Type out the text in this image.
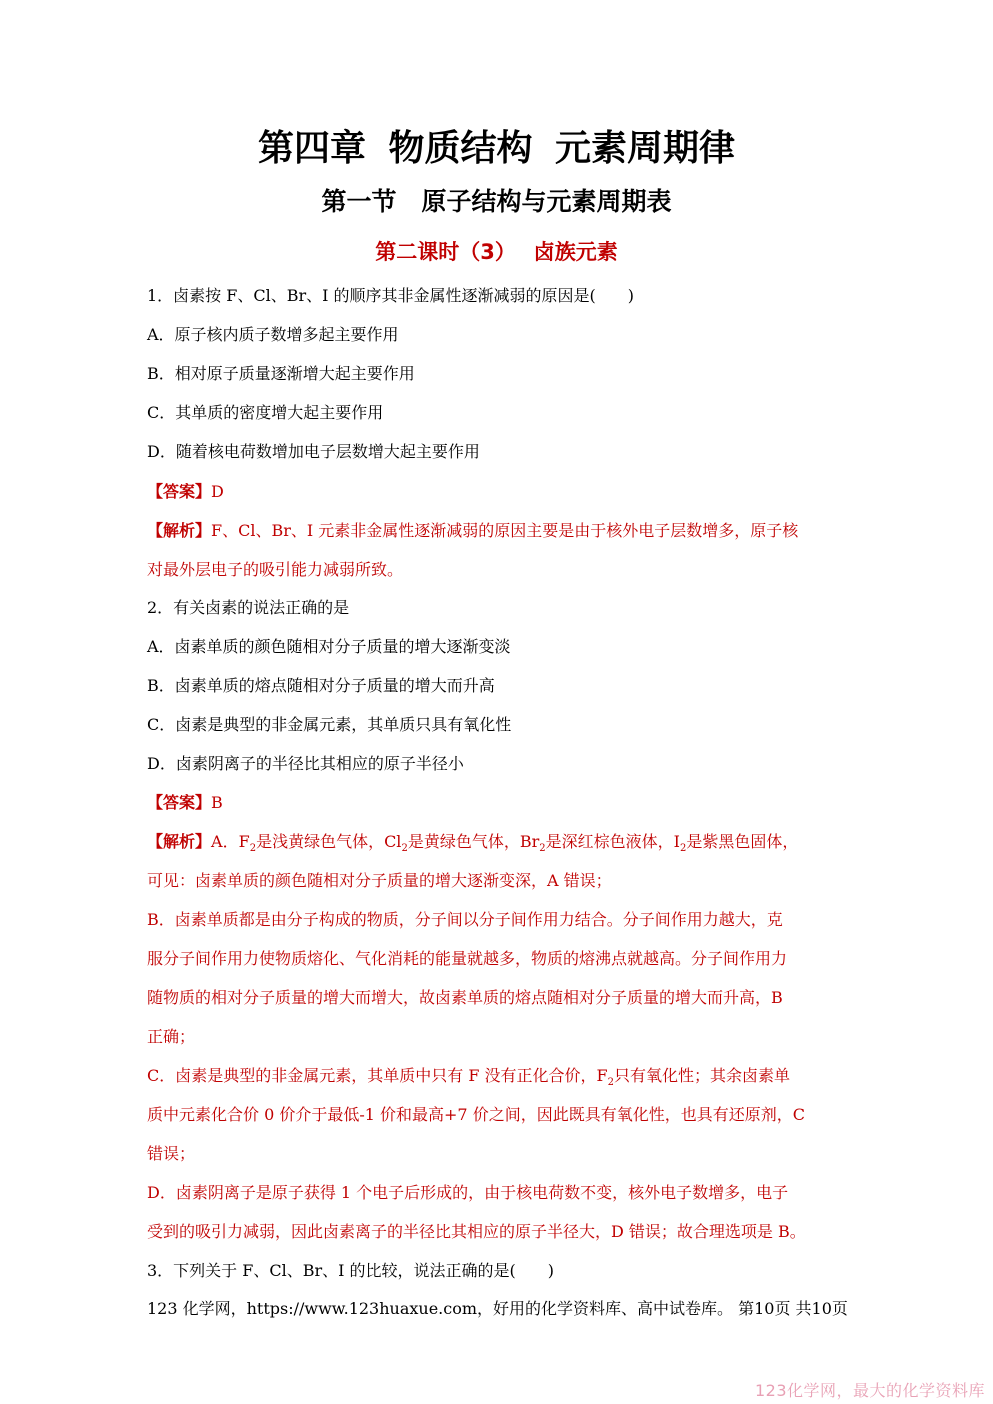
第四章 物质结构 元素周期律
第一节　原子结构与元素周期表
第二课时（3）　 卤族元素
1．卤素按 F、Cl、Br、I 的顺序其非金属性逐渐减弱的原因是(　　)
A．原子核内质子数增多起主要作用
B．相对原子质量逐渐增大起主要作用
C．其单质的密度增大起主要作用
D．随着核电荷数增加电子层数增大起主要作用
【答案】D
【解析】F、Cl、Br、I 元素非金属性逐渐减弱的原因主要是由于核外电子层数增多，原子核
对最外层电子的吸引能力减弱所致。
2．有关卤素的说法正确的是
A．卤素单质的颜色随相对分子质量的增大逐渐变淡
B．卤素单质的熔点随相对分子质量的增大而升高
C．卤素是典型的非金属元素，其单质只具有氧化性
D．卤素阴离子的半径比其相应的原子半径小
【答案】B
【解析】A．$F_2$是浅黄绿色气体，$Cl_2$是黄绿色气体，$Br_2$是深红棕色液体，$I_2$是紫黑色固体，
可见：卤素单质的颜色随相对分子质量的增大逐渐变深，A 错误；
B．卤素单质都是由分子构成的物质，分子间以分子间作用力结合。分子间作用力越大，克
服分子间作用力使物质熔化、气化消耗的能量就越多，物质的熔沸点就越高。分子间作用力
随物质的相对分子质量的增大而增大，故卤素单质的熔点随相对分子质量的增大而升高，B
正确；
C．卤素是典型的非金属元素，其单质中只有 F 没有正化合价，$F_2$只有氧化性；其余卤素单
质中元素化合价 0 价介于最低-1 价和最高+7 价之间，因此既具有氧化性，也具有还原剂，C
错误；
D．卤素阴离子是原子获得 1 个电子后形成的，由于核电荷数不变，核外电子数增多，电子
受到的吸引力减弱，因此卤素离子的半径比其相应的原子半径大，D 错误；故合理选项是 B。
3．下列关于 F、Cl、Br、I 的比较，说法正确的是(　　)
123 化学网，https://www.123huaxue.com，好用的化学资料库、高中试卷库。 第10页 共10页
123化学网，最大的化学资料库
